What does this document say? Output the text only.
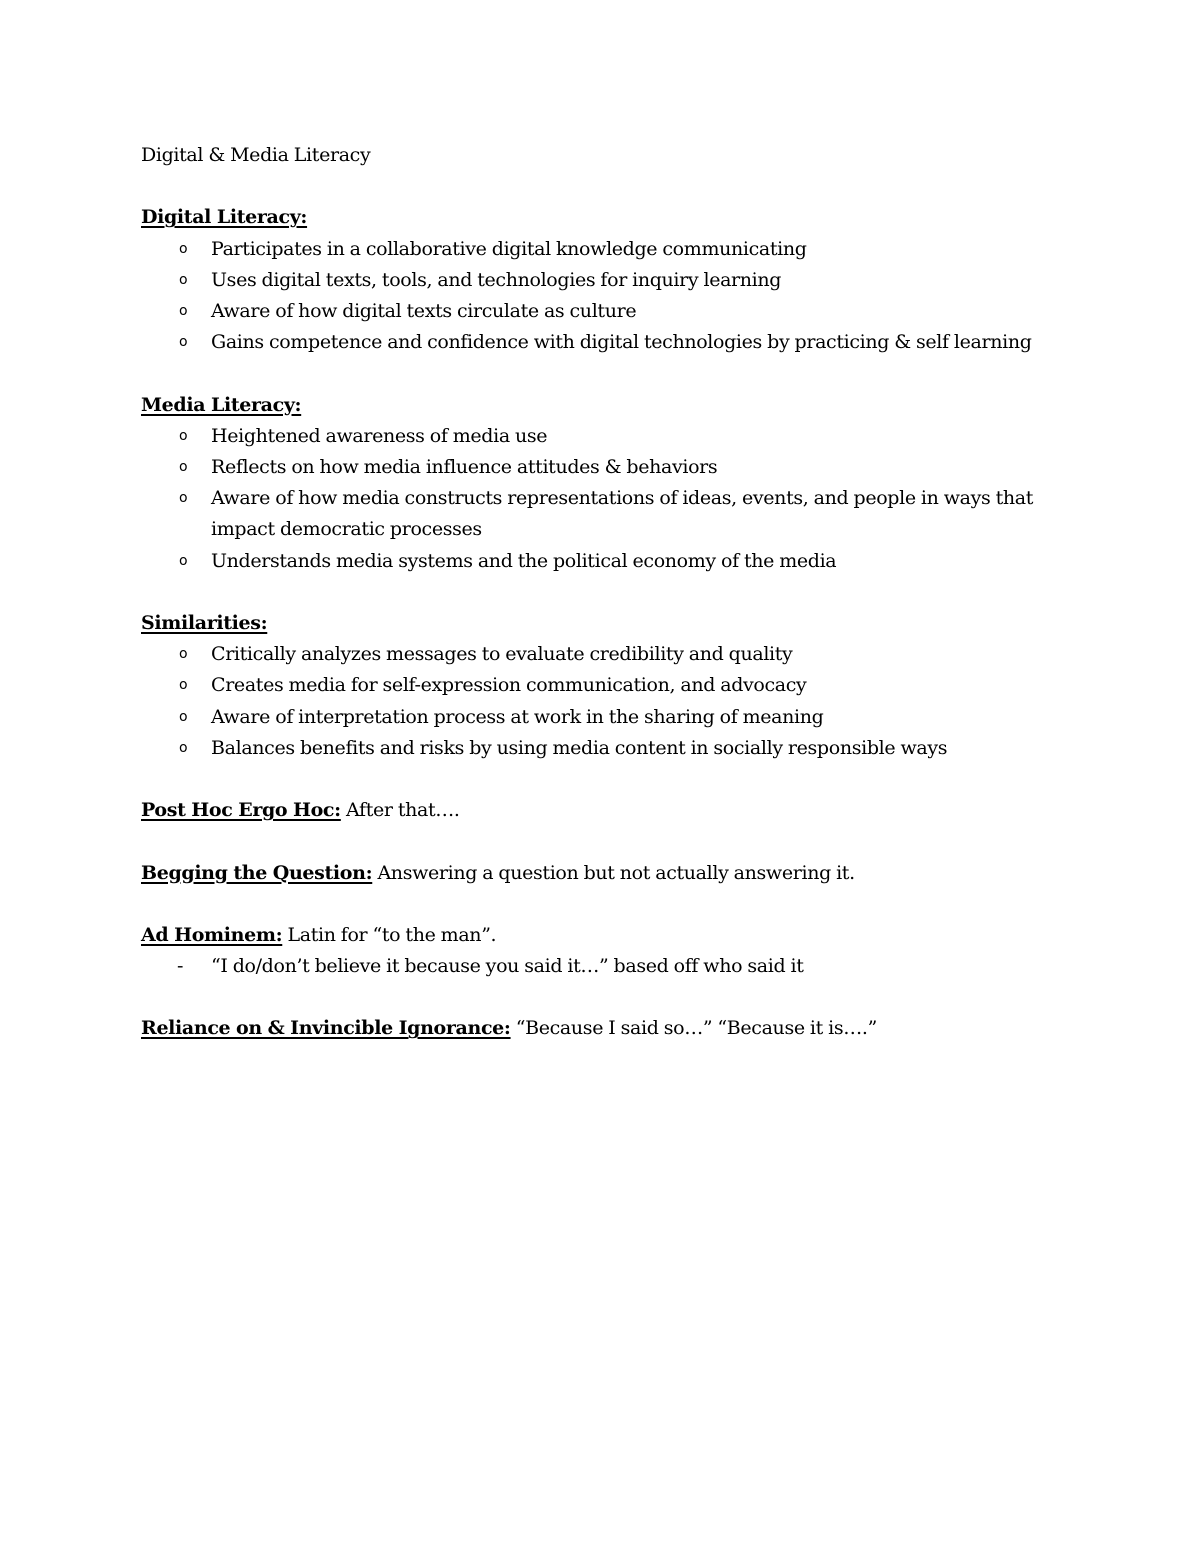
Digital & Media Literacy
Digital Literacy:
o Participates in a collaborative digital knowledge communicating
o Uses digital texts, tools, and technologies for inquiry learning
o Aware of how digital texts circulate as culture
o Gains competence and confidence with digital technologies by practicing & self learning
Media Literacy:
o Heightened awareness of media use
o Reflects on how media influence attitudes & behaviors
o Aware of how media constructs representations of ideas, events, and people in ways that
impact democratic processes
o Understands media systems and the political economy of the media
Similarities:
o Critically analyzes messages to evaluate credibility and quality
o Creates media for self-expression communication, and advocacy
o Aware of interpretation process at work in the sharing of meaning
o Balances benefits and risks by using media content in socially responsible ways
Post Hoc Ergo Hoc: After that….
Begging the Question: Answering a question but not actually answering it.
Ad Hominem: Latin for “to the man”.
- “I do/don’t believe it because you said it…” based off who said it
Reliance on & Invincible Ignorance: “Because I said so…” “Because it is….”
